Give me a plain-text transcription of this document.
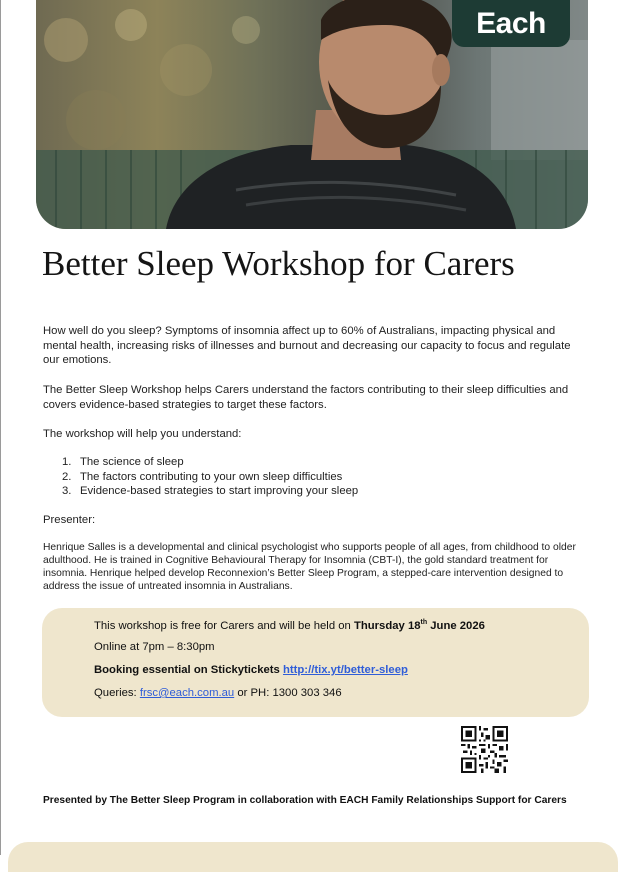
Each
Better Sleep Workshop for Carers

How well do you sleep? Symptoms of insomnia affect up to 60% of Australians, impacting physical and mental health, increasing risks of illnesses and burnout and decreasing our capacity to focus and regulate our emotions.

The Better Sleep Workshop helps Carers understand the factors contributing to their sleep difficulties and covers evidence-based strategies to target these factors.

The workshop will help you understand:

1. The science of sleep
2. The factors contributing to your own sleep difficulties
3. Evidence-based strategies to start improving your sleep

Presenter:

Henrique Salles is a developmental and clinical psychologist who supports people of all ages, from childhood to older adulthood. He is trained in Cognitive Behavioural Therapy for Insomnia (CBT-I), the gold standard treatment for insomnia. Henrique helped develop Reconnexion’s Better Sleep Program, a stepped-care intervention designed to address the issue of untreated insomnia in Australians.

This workshop is free for Carers and will be held on Thursday 18th June 2026

Online at 7pm – 8:30pm

Booking essential on Stickytickets http://tix.yt/better-sleep

Queries: frsc@each.com.au or PH: 1300 303 346

Presented by The Better Sleep Program in collaboration with EACH Family Relationships Support for Carers
